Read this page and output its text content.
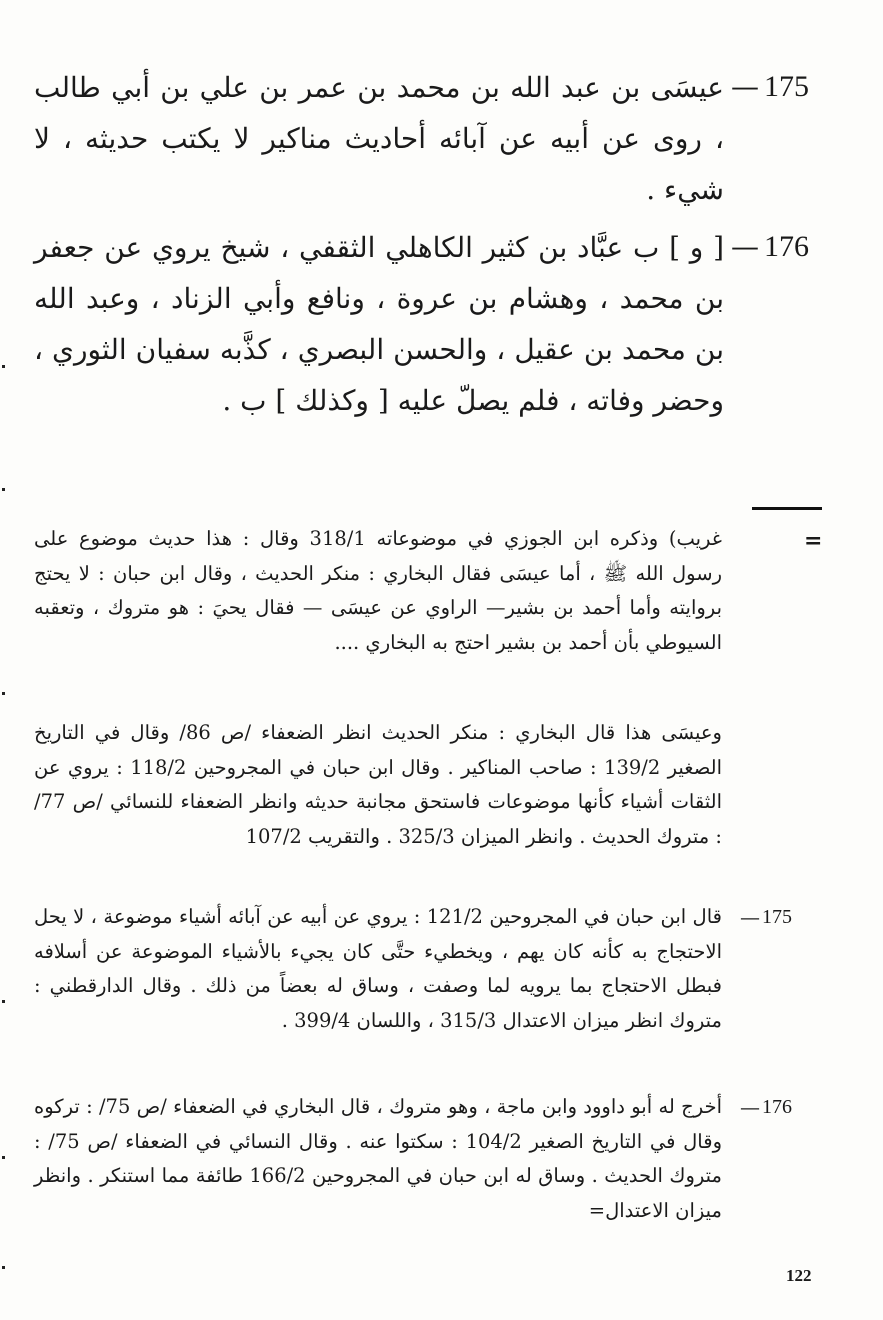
175
—
عيسَى بن عبد الله بن محمد بن عمر بن علي بن أبي طالب ، روى عن أبيه عن آبائه أحاديث مناكير لا يكتب حديثه ، لا شيء .
176
—
[ و ] ب عبَّاد بن كثير الكاهلي الثقفي ، شيخ يروي عن جعفر بن محمد ، وهشام بن عروة ، ونافع وأبي الزناد ، وعبد الله بن محمد بن عقيل ، والحسن البصري ، كذَّبه سفيان الثوري ، وحضر وفاته ، فلم يصلّ عليه [ وكذلك ] ب .
=
غريب) وذكره ابن الجوزي في موضوعاته 318/1 وقال : هذا حديث موضوع على رسول الله ﷺ ، أما عيسَى فقال البخاري : منكر الحديث ، وقال ابن حبان : لا يحتج بروايته وأما أحمد بن بشير— الراوي عن عيسَى — فقال يحيَ : هو متروك ، وتعقبه السيوطي بأن أحمد بن بشير احتج به البخاري ....
وعيسَى هذا قال البخاري : منكر الحديث انظر الضعفاء /ص 86/ وقال في التاريخ الصغير 139/2 : صاحب المناكير . وقال ابن حبان في المجروحين 118/2 : يروي عن الثقات أشياء كأنها موضوعات فاستحق مجانبة حديثه وانظر الضعفاء للنسائي /ص 77/ : متروك الحديث . وانظر الميزان 325/3 . والتقريب 107/2
175
—
قال ابن حبان في المجروحين 121/2 : يروي عن أبيه عن آبائه أشياء موضوعة ، لا يحل الاحتجاج به كأنه كان يهم ، ويخطيء حتَّى كان يجيء بالأشياء الموضوعة عن أسلافه فبطل الاحتجاج بما يرويه لما وصفت ، وساق له بعضاً من ذلك . وقال الدارقطني : متروك انظر ميزان الاعتدال 315/3 ، واللسان 399/4 .
176
—
أخرج له أبو داوود وابن ماجة ، وهو متروك ، قال البخاري في الضعفاء /ص 75/ : تركوه وقال في التاريخ الصغير 104/2 : سكتوا عنه . وقال النسائي في الضعفاء /ص 75/ : متروك الحديث . وساق له ابن حبان في المجروحين 166/2 طائفة مما استنكر . وانظر ميزان الاعتدال=
122
